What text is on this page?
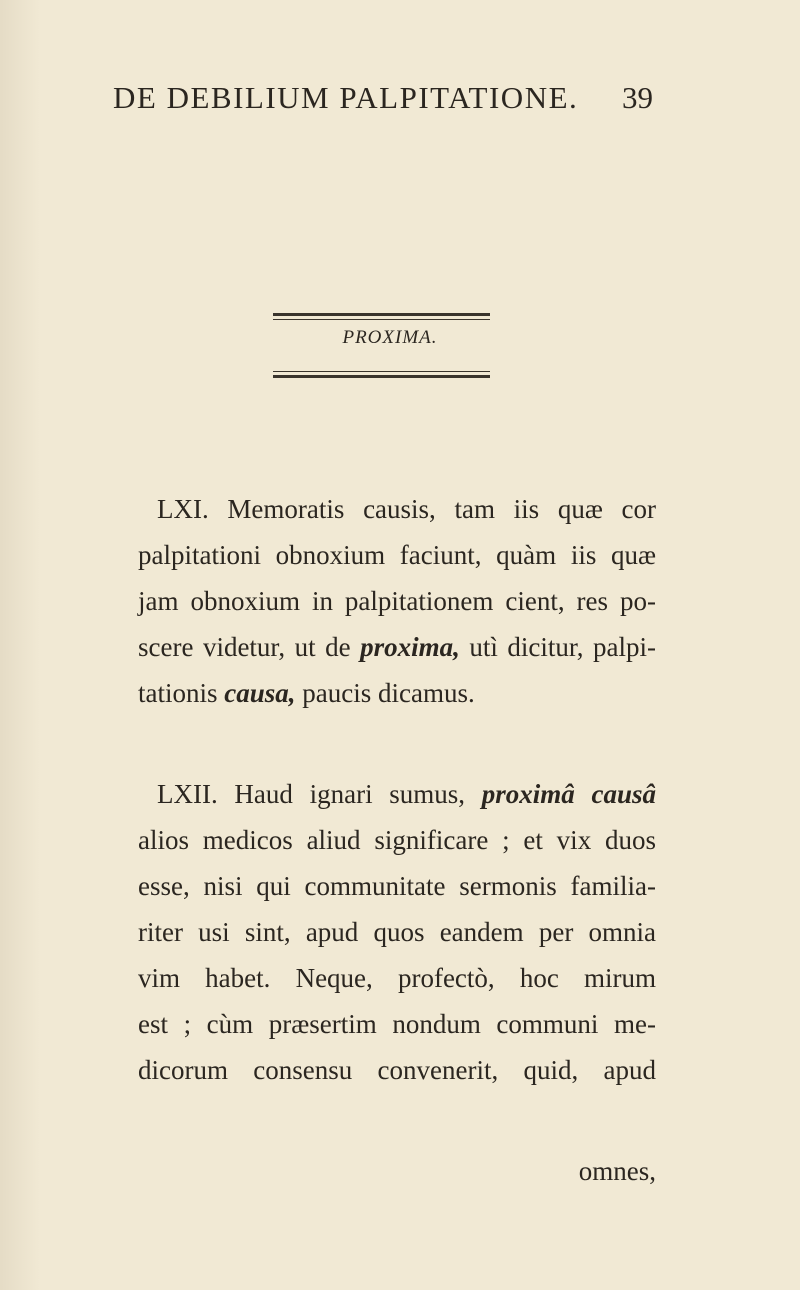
DE DEBILIUM PALPITATIONE. 39
PROXIMA.

LXI. Memoratis causis, tam iis quæ cor
palpitationi obnoxium faciunt, quàm iis quæ
jam obnoxium in palpitationem cient, res po-
scere videtur, ut de proxima, utì dicitur, palpi-
tationis causa, paucis dicamus.

LXII. Haud ignari sumus, proximâ causâ
alios medicos aliud significare ; et vix duos
esse, nisi qui communitate sermonis familia-
riter usi sint, apud quos eandem per omnia
vim habet. Neque, profectò, hoc mirum
est ; cùm præsertim nondum communi me-
dicorum consensu convenerit, quid, apud

omnes,
